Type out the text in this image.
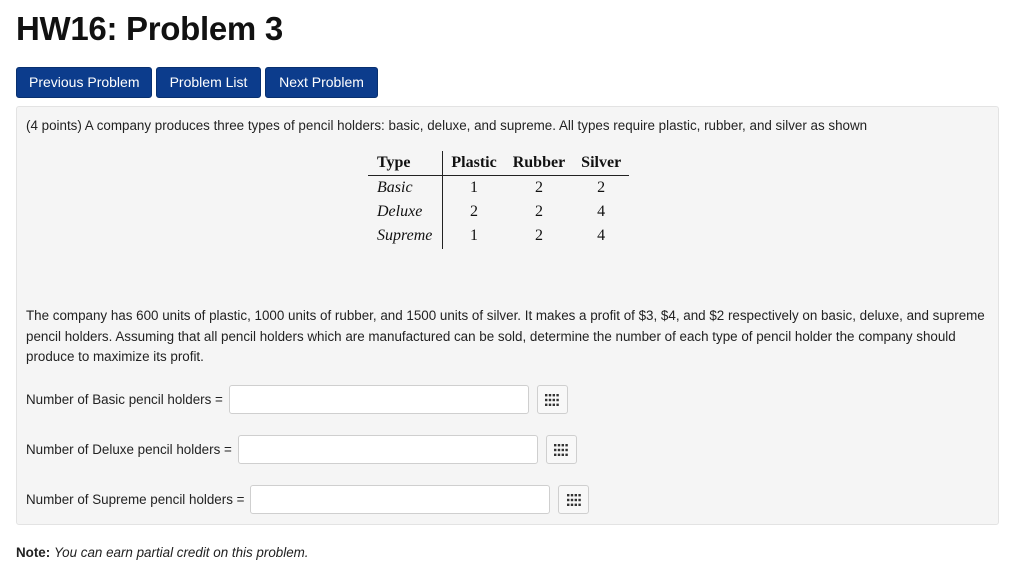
HW16: Problem 3
Previous Problem	Problem List	Next Problem
(4 points) A company produces three types of pencil holders: basic, deluxe, and supreme. All types require plastic, rubber, and silver as shown
Type	Plastic	Rubber	Silver
Basic	1	2	2
Deluxe	2	2	4
Supreme	1	2	4
The company has 600 units of plastic, 1000 units of rubber, and 1500 units of silver. It makes a profit of $3, $4, and $2 respectively on basic, deluxe, and supreme pencil holders. Assuming that all pencil holders which are manufactured can be sold, determine the number of each type of pencil holder the company should produce to maximize its profit.
Number of Basic pencil holders =
Number of Deluxe pencil holders =
Number of Supreme pencil holders =
Note: You can earn partial credit on this problem.
